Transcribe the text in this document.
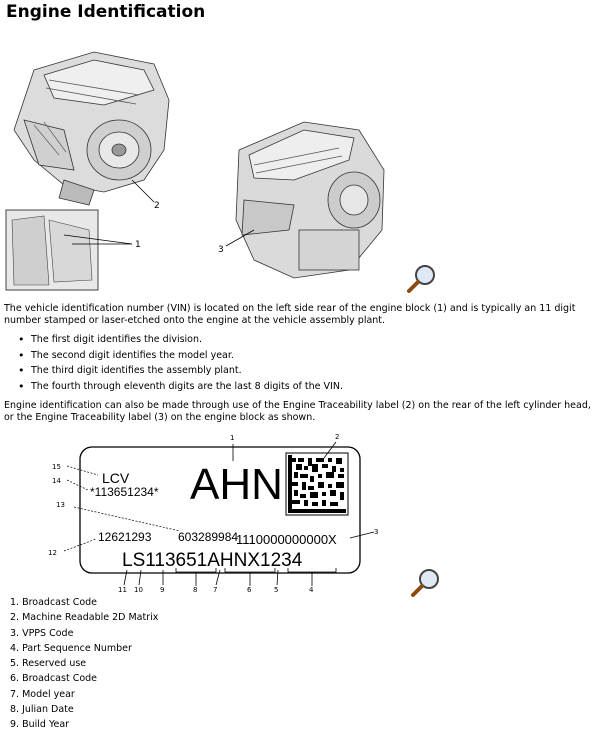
Engine Identification
2
1	3

The vehicle identification number (VIN) is located on the left side rear of the engine block (1) and is typically an 11 digit number stamped or laser-etched onto the engine at the vehicle assembly plant.

• The first digit identifies the division.
• The second digit identifies the model year.
• The third digit identifies the assembly plant.
• The fourth through eleventh digits are the last 8 digits of the VIN.

Engine identification can also be made through use of the Engine Traceability label (2) on the rear of the left cylinder head, or the Engine Traceability label (3) on the engine block as shown.

LCV
*113651234* AHN
12621293 603289984
1110000000000X
LS113651AHNX1234
1	2
3
4
5
6
7
8
9
10
11
12
13
14
15
1. Broadcast Code
2. Machine Readable 2D Matrix
3. VPPS Code
4. Part Sequence Number
5. Reserved use
6. Broadcast Code
7. Model year
8. Julian Date
9. Build Year
